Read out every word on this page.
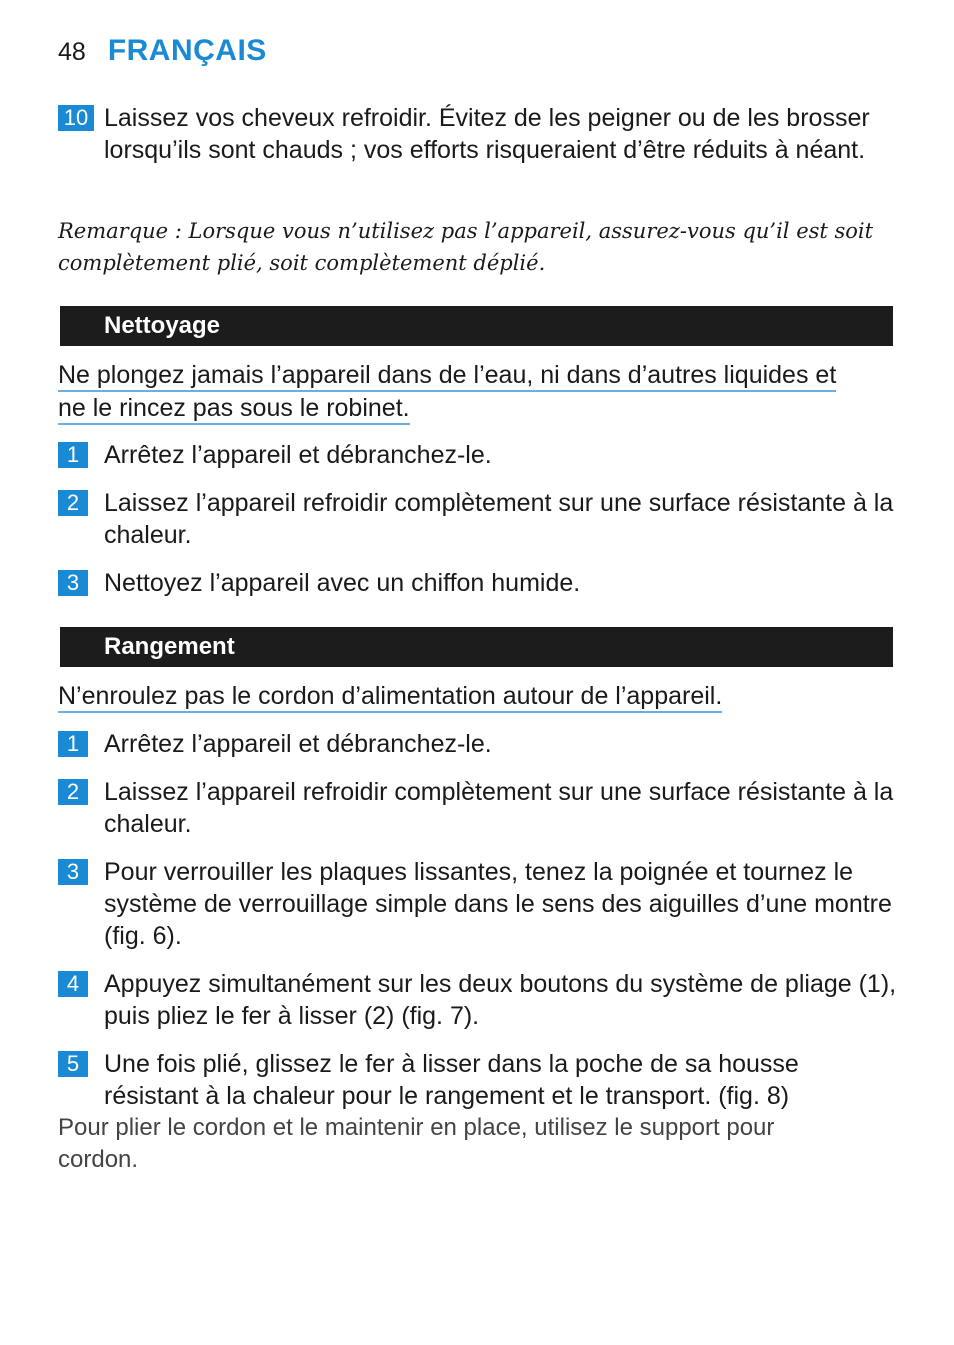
48 FRANÇAIS
10 Laissez vos cheveux refroidir. Évitez de les peigner ou de les brosser lorsqu’ils sont chauds ; vos efforts risqueraient d’être réduits à néant.
Remarque : Lorsque vous n’utilisez pas l’appareil, assurez-vous qu’il est soit complètement plié, soit complètement déplié.
Nettoyage
Ne plongez jamais l’appareil dans de l’eau, ni dans d’autres liquides et
ne le rincez pas sous le robinet.
1 Arrêtez l’appareil et débranchez-le.
2 Laissez l’appareil refroidir complètement sur une surface résistante à la chaleur.
3 Nettoyez l’appareil avec un chiffon humide.
Rangement
N’enroulez pas le cordon d’alimentation autour de l’appareil.
1 Arrêtez l’appareil et débranchez-le.
2 Laissez l’appareil refroidir complètement sur une surface résistante à la chaleur.
3 Pour verrouiller les plaques lissantes, tenez la poignée et tournez le système de verrouillage simple dans le sens des aiguilles d’une montre (fig. 6).
4 Appuyez simultanément sur les deux boutons du système de pliage (1), puis pliez le fer à lisser (2) (fig. 7).
5 Une fois plié, glissez le fer à lisser dans la poche de sa housse résistant à la chaleur pour le rangement et le transport. (fig. 8)
Pour plier le cordon et le maintenir en place, utilisez le support pour cordon.
